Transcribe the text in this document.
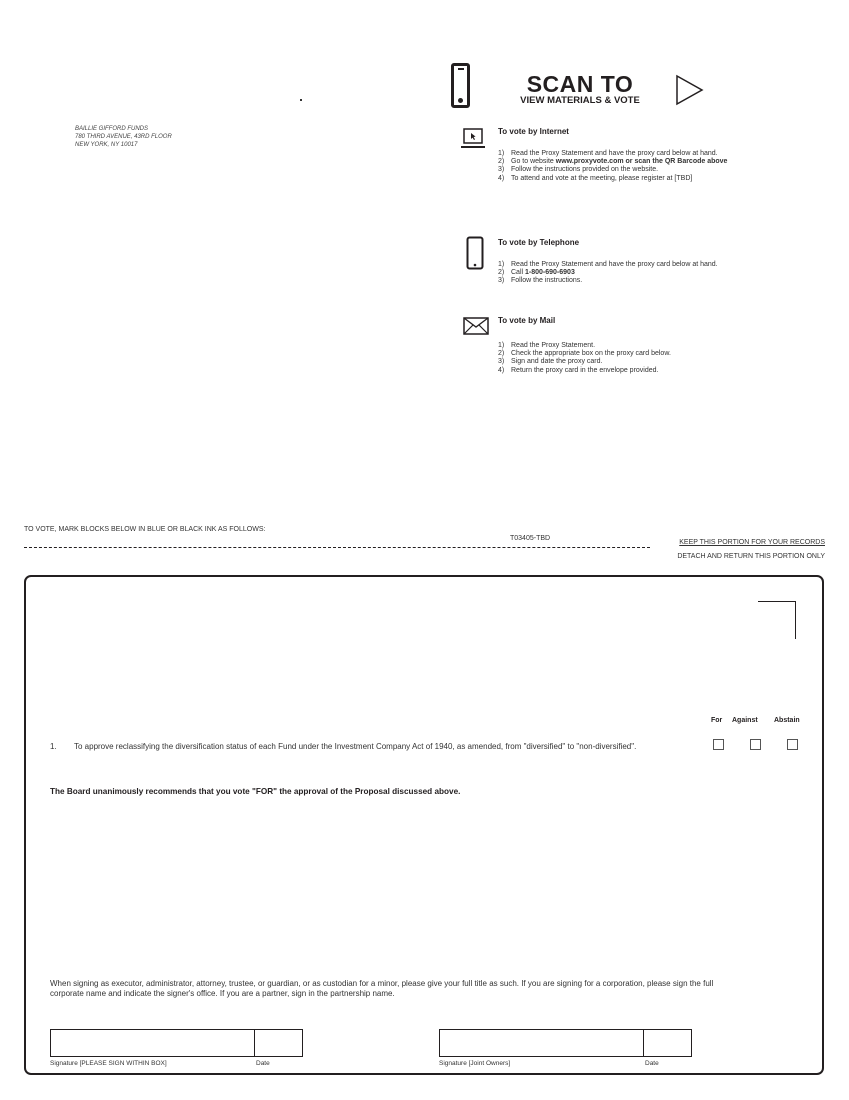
BAILLIE GIFFORD FUNDS
780 THIRD AVENUE, 43RD FLOOR
NEW YORK, NY 10017
SCAN TO
VIEW MATERIALS & VOTE
To vote by Internet
1) Read the Proxy Statement and have the proxy card below at hand.
2) Go to website www.proxyvote.com or scan the QR Barcode above
3) Follow the instructions provided on the website.
4) To attend and vote at the meeting, please register at [TBD]
To vote by Telephone
1) Read the Proxy Statement and have the proxy card below at hand.
2) Call 1-800-690-6903
3) Follow the instructions.
To vote by Mail
1) Read the Proxy Statement.
2) Check the appropriate box on the proxy card below.
3) Sign and date the proxy card.
4) Return the proxy card in the envelope provided.
TO VOTE, MARK BLOCKS BELOW IN BLUE OR BLACK INK AS FOLLOWS:
T03405-TBD
KEEP THIS PORTION FOR YOUR RECORDS
DETACH AND RETURN THIS PORTION ONLY
For Against Abstain
1. To approve reclassifying the diversification status of each Fund under the Investment Company Act of 1940, as amended, from "diversified" to "non-diversified".
The Board unanimously recommends that you vote "FOR" the approval of the Proposal discussed above.
When signing as executor, administrator, attorney, trustee, or guardian, or as custodian for a minor, please give your full title as such. If you are signing for a corporation, please sign the full corporate name and indicate the signer's office. If you are a partner, sign in the partnership name.
Signature [PLEASE SIGN WITHIN BOX]	Date	Signature [Joint Owners]	Date
